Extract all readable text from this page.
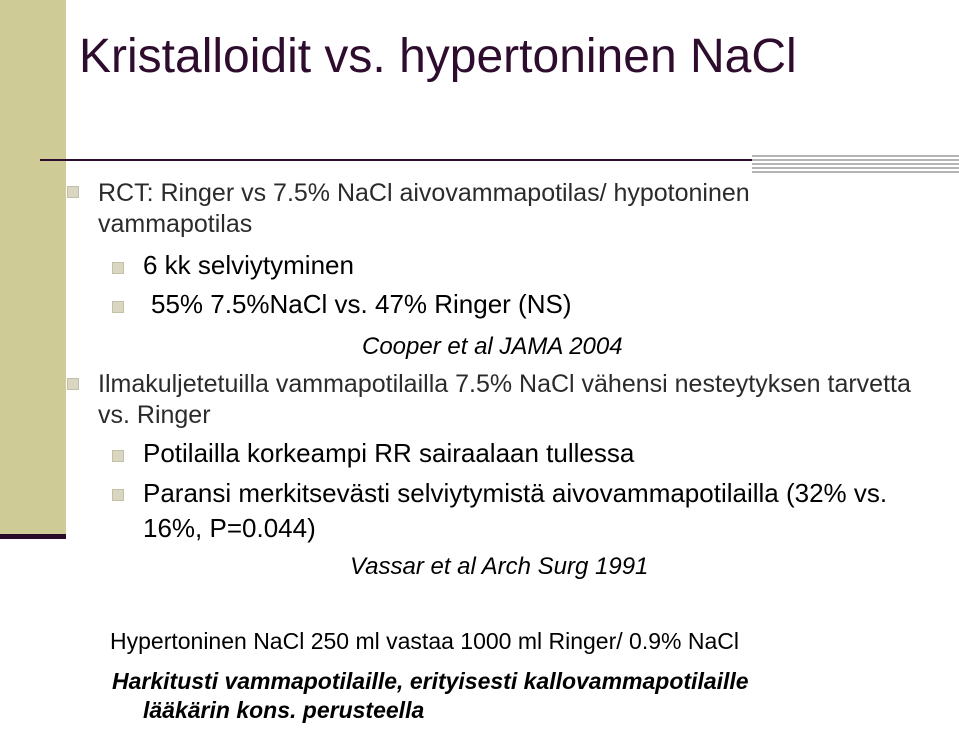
Kristalloidit vs. hypertoninen NaCl
RCT: Ringer vs 7.5% NaCl aivovammapotilas/ hypotoninen vammapotilas
6 kk selviytyminen
55% 7.5%NaCl vs. 47% Ringer (NS)
Cooper et al JAMA 2004
Ilmakuljetetuilla vammapotilailla 7.5% NaCl vähensi nesteytyksen tarvetta vs. Ringer
Potilailla korkeampi RR sairaalaan tullessa
Paransi merkitsevästi selviytymistä aivovammapotilailla (32% vs. 16%, P=0.044)
Vassar et al Arch Surg 1991
Hypertoninen NaCl 250 ml vastaa 1000 ml Ringer/ 0.9% NaCl
Harkitusti vammapotilaille, erityisesti kallovammapotilaille
lääkärin kons. perusteella
